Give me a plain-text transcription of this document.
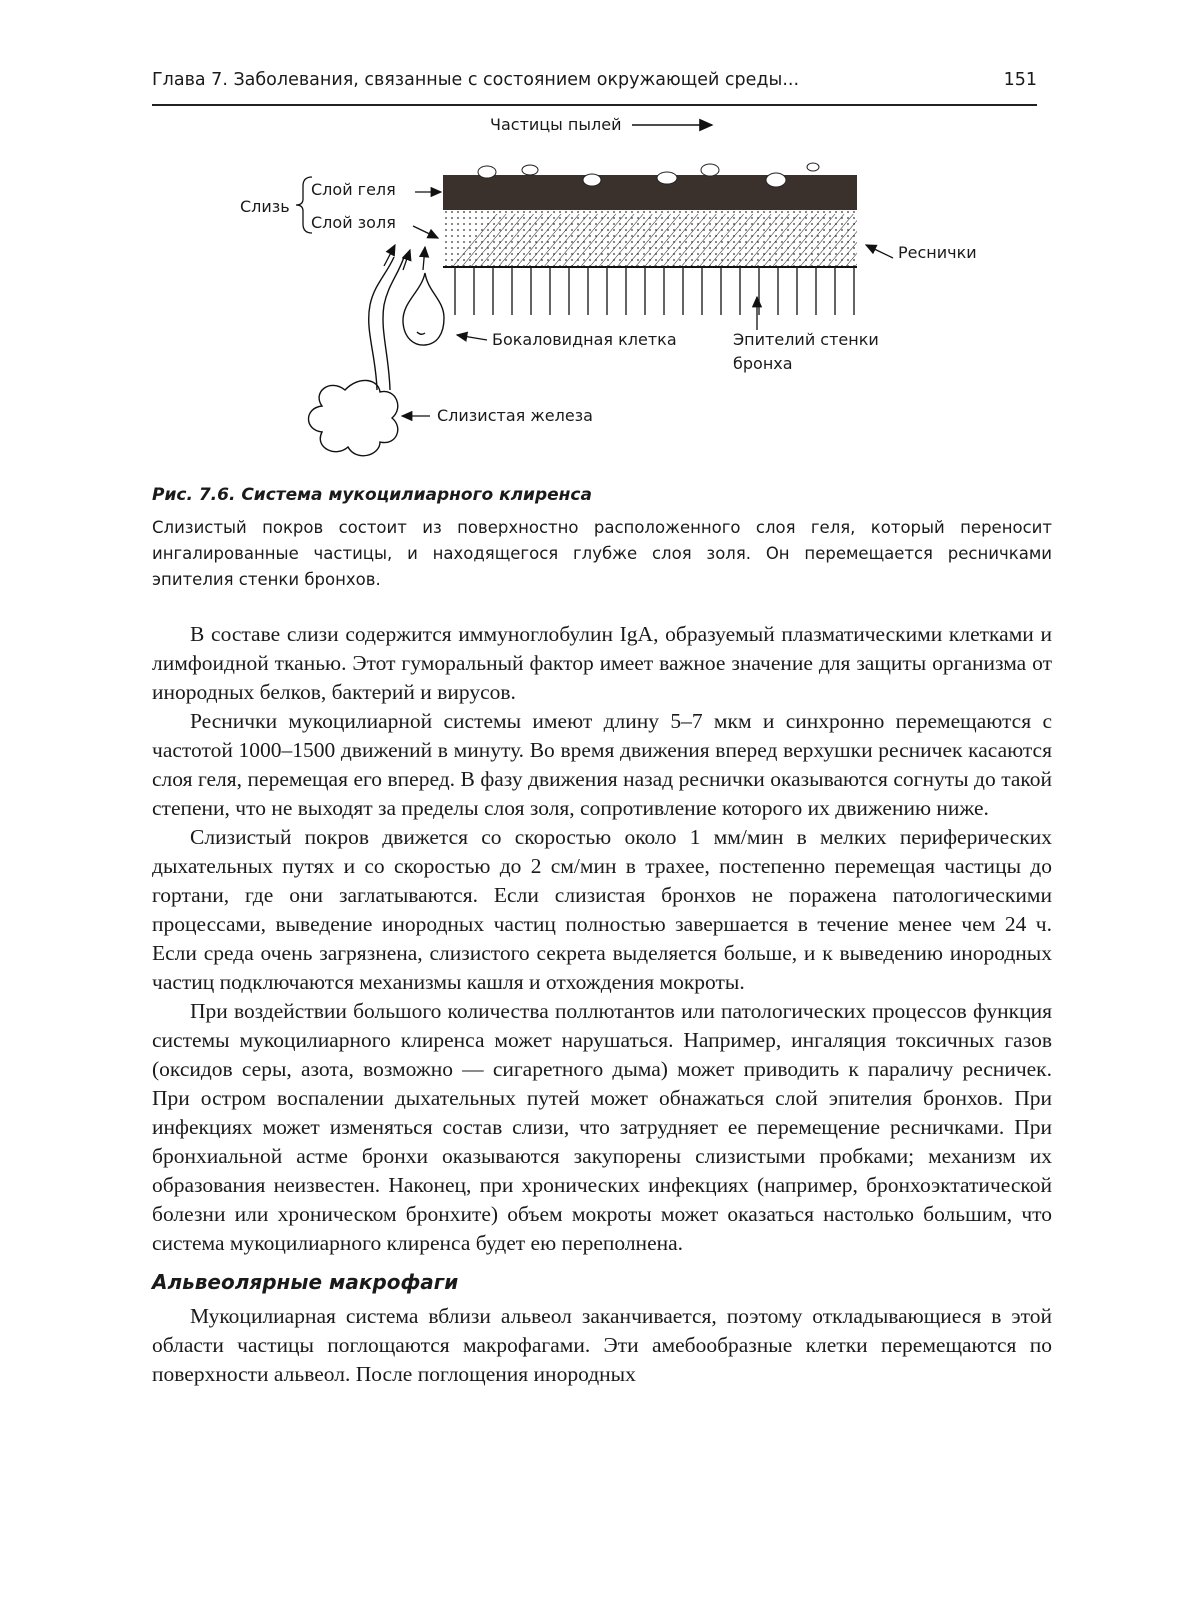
Глава 7. Заболевания, связанные с состоянием окружающей среды...	151
Частицы пылей
Слизь
Слой геля
Слой золя
Реснички
Бокаловидная клетка	Эпителий стенки бронха
Слизистая железа
Рис. 7.6. Система мукоцилиарного клиренса

Слизистый покров состоит из поверхностно расположенного слоя геля, который переносит ингалированные частицы, и находящегося глубже слоя золя. Он перемещается ресничками эпителия стенки бронхов.

В составе слизи содержится иммуноглобулин IgA, образуемый плазматическими клетками и лимфоидной тканью. Этот гуморальный фактор имеет важное значение для защиты организма от инородных белков, бактерий и вирусов.

Реснички мукоцилиарной системы имеют длину 5–7 мкм и синхронно перемещаются с частотой 1000–1500 движений в минуту. Во время движения вперед верхушки ресничек касаются слоя геля, перемещая его вперед. В фазу движения назад реснички оказываются согнуты до такой степени, что не выходят за пределы слоя золя, сопротивление которого их движению ниже.

Слизистый покров движется со скоростью около 1 мм/мин в мелких периферических дыхательных путях и со скоростью до 2 см/мин в трахее, постепенно перемещая частицы до гортани, где они заглатываются. Если слизистая бронхов не поражена патологическими процессами, выведение инородных частиц полностью завершается в течение менее чем 24 ч. Если среда очень загрязнена, слизистого секрета выделяется больше, и к выведению инородных частиц подключаются механизмы кашля и отхождения мокроты.

При воздействии большого количества поллютантов или патологических процессов функция системы мукоцилиарного клиренса может нарушаться. Например, ингаляция токсичных газов (оксидов серы, азота, возможно — сигаретного дыма) может приводить к параличу ресничек. При остром воспалении дыхательных путей может обнажаться слой эпителия бронхов. При инфекциях может изменяться состав слизи, что затрудняет ее перемещение ресничками. При бронхиальной астме бронхи оказываются закупорены слизистыми пробками; механизм их образования неизвестен. Наконец, при хронических инфекциях (например, бронхоэктатической болезни или хроническом бронхите) объем мокроты может оказаться настолько большим, что система мукоцилиарного клиренса будет ею переполнена.

Альвеолярные макрофаги

Мукоцилиарная система вблизи альвеол заканчивается, поэтому откладывающиеся в этой области частицы поглощаются макрофагами. Эти амебообразные клетки перемещаются по поверхности альвеол. После поглощения инородных
